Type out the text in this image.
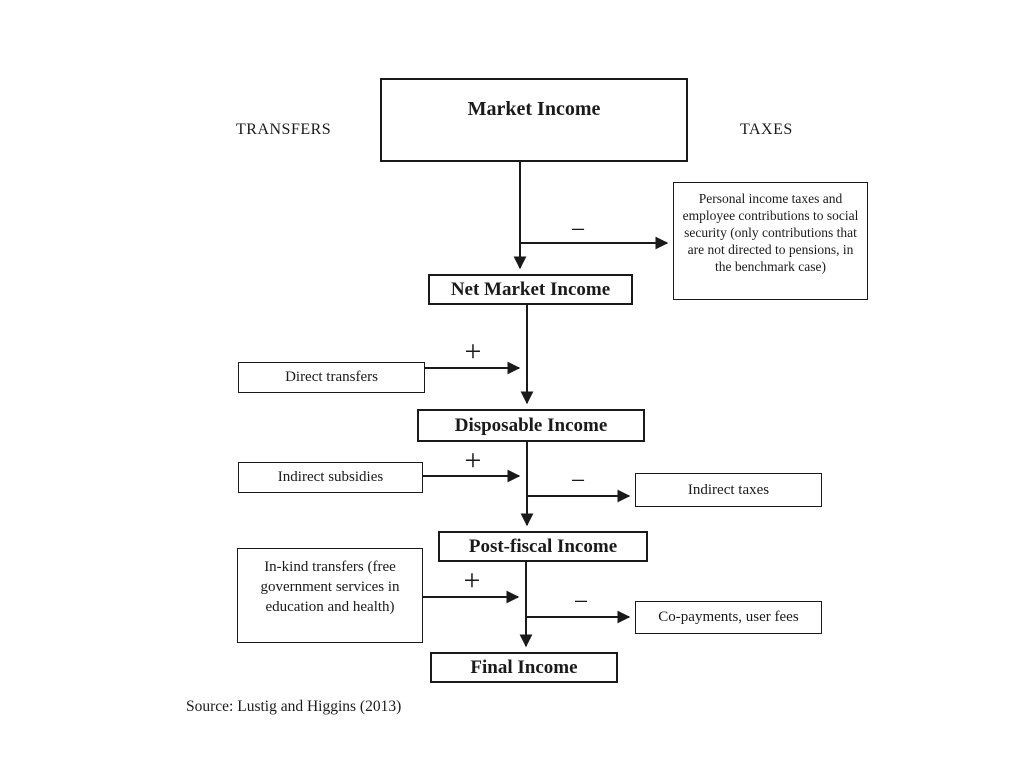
TRANSFERS	TAXES
Market Income
Net Market Income
Disposable Income
Post-fiscal Income
Final Income
Personal income taxes and employee contributions to social security (only contributions that are not directed to pensions, in the benchmark case)
Indirect taxes
Co-payments, user fees
Direct transfers
Indirect subsidies
In-kind transfers (free government services in education and health)
−
+
+
−
+
−
Source: Lustig and Higgins (2013)
